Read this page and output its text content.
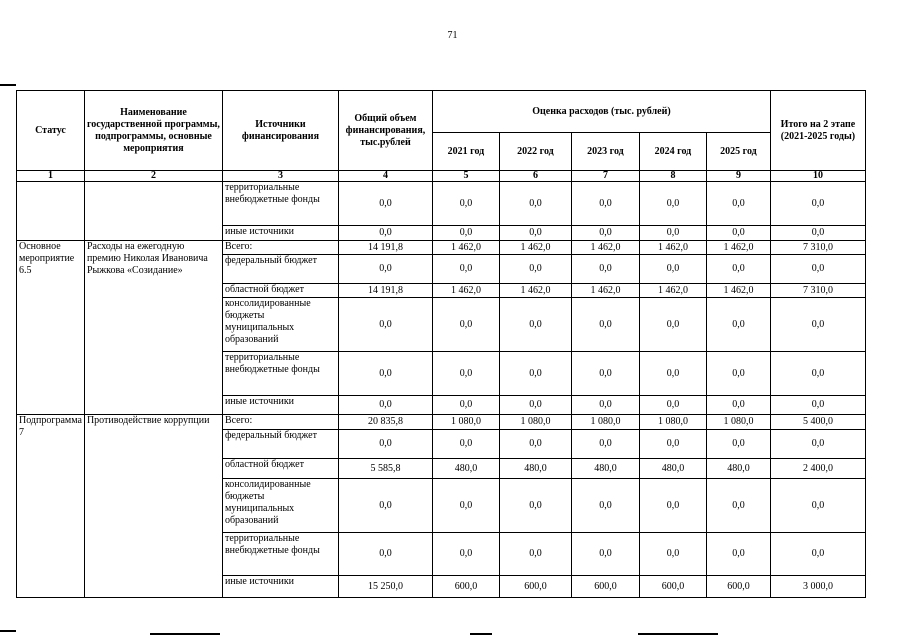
71
Статус	Наименование государственной программы, подпрограммы, основные мероприятия	Источники финансирования	Общий объем финансирования, тыс.рублей	Оценка расходов (тыс. рублей)					Итого на 2 этапе (2021-2025 годы)
				2021 год	2022 год	2023 год	2024 год	2025 год	
1	2	3	4	5	6	7	8	9	10
		территориальные внебюджетные фонды	0,0	0,0	0,0	0,0	0,0	0,0	0,0
		иные источники	0,0	0,0	0,0	0,0	0,0	0,0	0,0
Основное мероприятие 6.5	Расходы на ежегодную премию Николая Ивановича Рыжкова «Созидание»	Всего:	14 191,8	1 462,0	1 462,0	1 462,0	1 462,0	1 462,0	7 310,0
		федеральный бюджет	0,0	0,0	0,0	0,0	0,0	0,0	0,0
		областной бюджет	14 191,8	1 462,0	1 462,0	1 462,0	1 462,0	1 462,0	7 310,0
		консолидированные бюджеты муниципальных образований	0,0	0,0	0,0	0,0	0,0	0,0	0,0
		территориальные внебюджетные фонды	0,0	0,0	0,0	0,0	0,0	0,0	0,0
		иные источники	0,0	0,0	0,0	0,0	0,0	0,0	0,0
Подпрограмма 7	Противодействие коррупции	Всего:	20 835,8	1 080,0	1 080,0	1 080,0	1 080,0	1 080,0	5 400,0
		федеральный бюджет	0,0	0,0	0,0	0,0	0,0	0,0	0,0
		областной бюджет	5 585,8	480,0	480,0	480,0	480,0	480,0	2 400,0
		консолидированные бюджеты муниципальных образований	0,0	0,0	0,0	0,0	0,0	0,0	0,0
		территориальные внебюджетные фонды	0,0	0,0	0,0	0,0	0,0	0,0	0,0
		иные источники	15 250,0	600,0	600,0	600,0	600,0	600,0	3 000,0
